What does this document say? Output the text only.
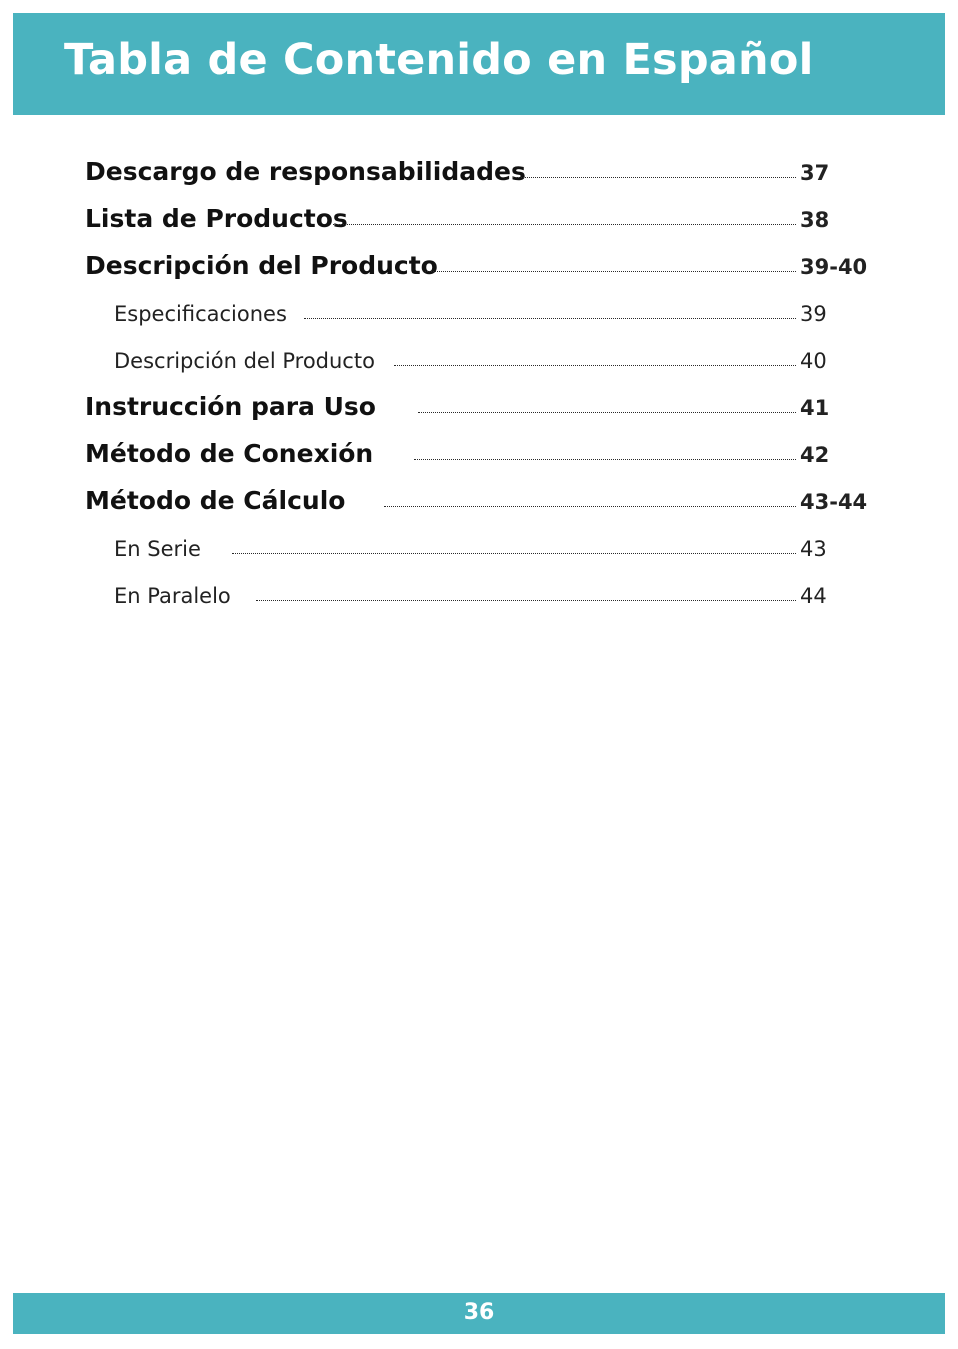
Tabla de Contenido en Español
Descargo de responsabilidades	37
Lista de Productos	38
Descripción del Producto	39-40
Especificaciones	39
Descripción del Producto	40
Instrucción para Uso	41
Método de Conexión	42
Método de Cálculo	43-44
En Serie	43
En Paralelo	44
36
